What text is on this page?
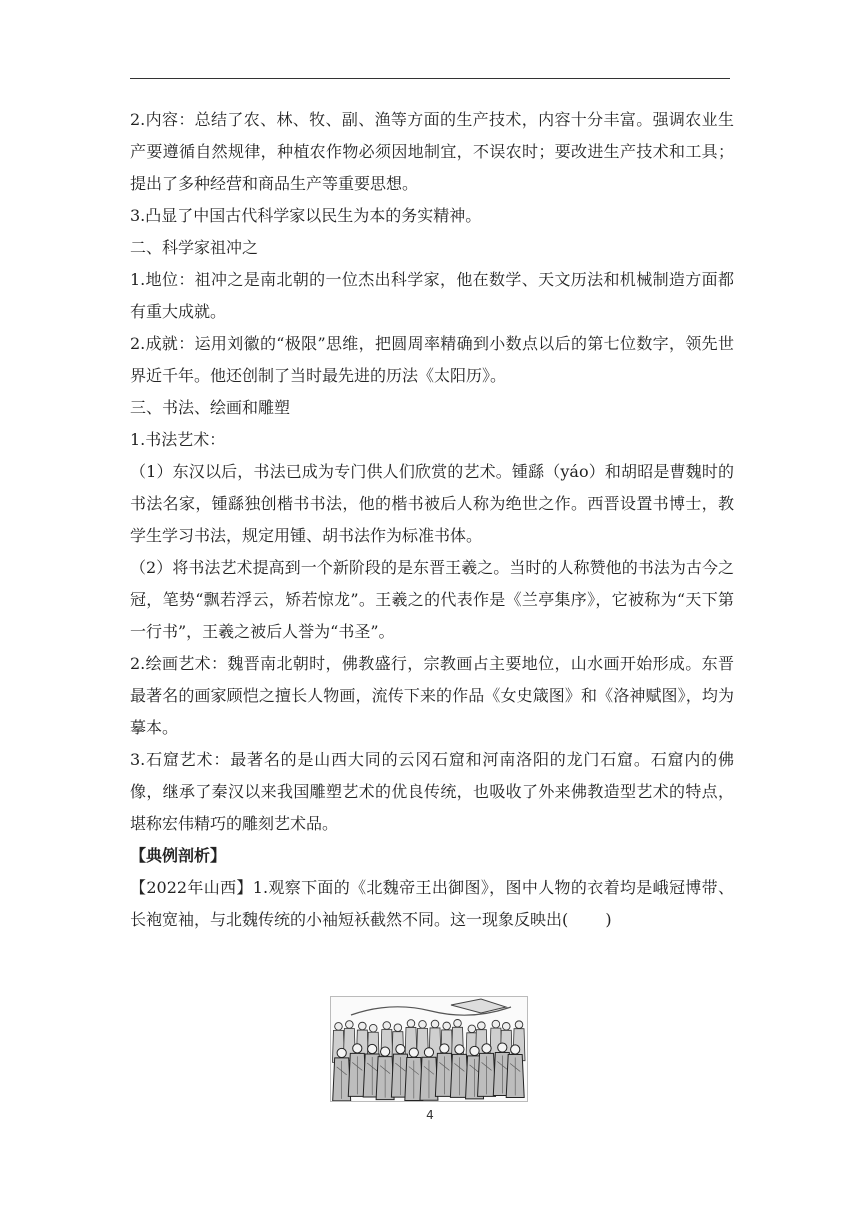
2.内容：总结了农、林、牧、副、渔等方面的生产技术，内容十分丰富。强调农业生产要遵循自然规律，种植农作物必须因地制宜，不误农时；要改进生产技术和工具；提出了多种经营和商品生产等重要思想。

3.凸显了中国古代科学家以民生为本的务实精神。

二、科学家祖冲之

1.地位：祖冲之是南北朝的一位杰出科学家，他在数学、天文历法和机械制造方面都有重大成就。

2.成就：运用刘徽的“极限”思维，把圆周率精确到小数点以后的第七位数字，领先世界近千年。他还创制了当时最先进的历法《太阳历》。

三、书法、绘画和雕塑

1.书法艺术：

（1）东汉以后，书法已成为专门供人们欣赏的艺术。锺繇（yáo）和胡昭是曹魏时的书法名家，锺繇独创楷书书法，他的楷书被后人称为绝世之作。西晋设置书博士，教学生学习书法，规定用锺、胡书法作为标准书体。

（2）将书法艺术提高到一个新阶段的是东晋王羲之。当时的人称赞他的书法为古今之冠，笔势“飘若浮云，矫若惊龙”。王羲之的代表作是《兰亭集序》，它被称为“天下第一行书”，王羲之被后人誉为“书圣”。

2.绘画艺术：魏晋南北朝时，佛教盛行，宗教画占主要地位，山水画开始形成。东晋最著名的画家顾恺之擅长人物画，流传下来的作品《女史箴图》和《洛神赋图》，均为摹本。

3.石窟艺术：最著名的是山西大同的云冈石窟和河南洛阳的龙门石窟。石窟内的佛像，继承了秦汉以来我国雕塑艺术的优良传统，也吸收了外来佛教造型艺术的特点，堪称宏伟精巧的雕刻艺术品。

【典例剖析】

【2022年山西】1.观察下面的《北魏帝王出御图》，图中人物的衣着均是峨冠博带、长袍宽袖，与北魏传统的小袖短袄截然不同。这一现象反映出(　 　)

4
